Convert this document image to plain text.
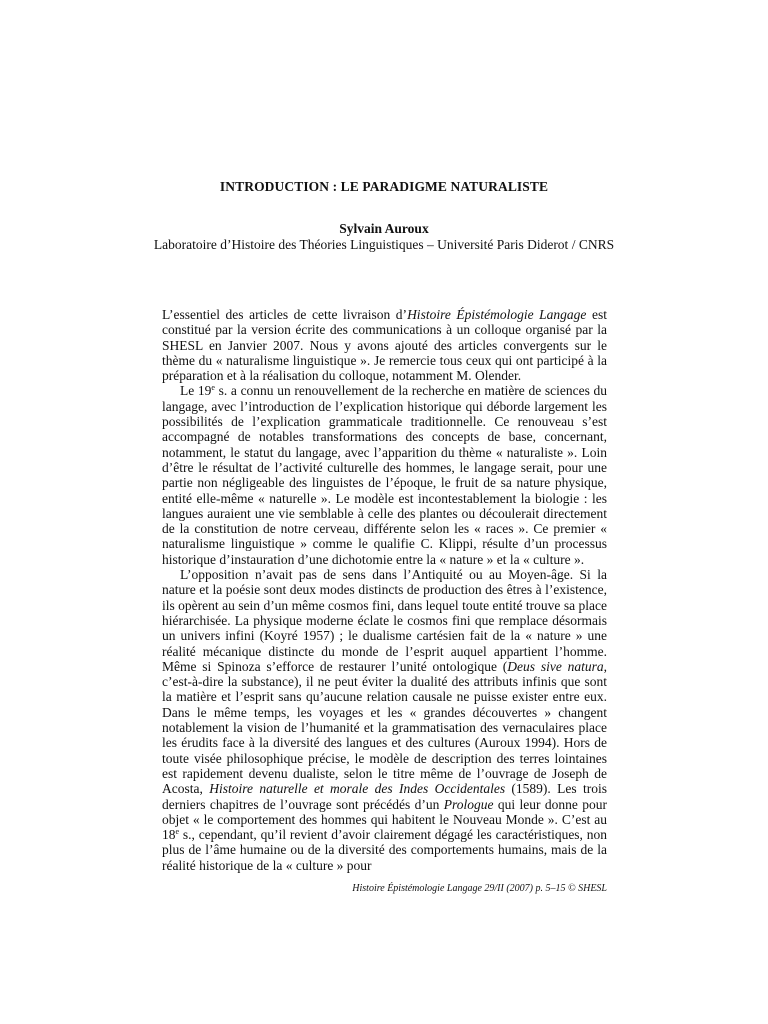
INTRODUCTION : LE PARADIGME NATURALISTE
Sylvain Auroux
Laboratoire d’Histoire des Théories Linguistiques – Université Paris Diderot / CNRS

L’essentiel des articles de cette livraison d’Histoire Épistémologie Langage est constitué par la version écrite des communications à un colloque organisé par la SHESL en Janvier 2007. Nous y avons ajouté des articles convergents sur le thème du « naturalisme linguistique ». Je remercie tous ceux qui ont participé à la préparation et à la réalisation du colloque, notamment M. Olender.

Le 19e s. a connu un renouvellement de la recherche en matière de sciences du langage, avec l’introduction de l’explication historique qui déborde largement les possibilités de l’explication grammaticale traditionnelle. Ce renouveau s’est accompagné de notables transformations des concepts de base, concernant, notamment, le statut du langage, avec l’apparition du thème « naturaliste ». Loin d’être le résultat de l’activité culturelle des hommes, le langage serait, pour une partie non négligeable des linguistes de l’époque, le fruit de sa nature physique, entité elle-même « naturelle ». Le modèle est incontestablement la biologie : les langues auraient une vie semblable à celle des plantes ou découlerait directement de la constitution de notre cerveau, différente selon les « races ». Ce premier « naturalisme linguistique » comme le qualifie C. Klippi, résulte d’un processus historique d’instauration d’une dichotomie entre la « nature » et la « culture ».

L’opposition n’avait pas de sens dans l’Antiquité ou au Moyen-âge. Si la nature et la poésie sont deux modes distincts de production des êtres à l’existence, ils opèrent au sein d’un même cosmos fini, dans lequel toute entité trouve sa place hiérarchisée. La physique moderne éclate le cosmos fini que remplace désormais un univers infini (Koyré 1957) ; le dualisme cartésien fait de la « nature » une réalité mécanique distincte du monde de l’esprit auquel appartient l’homme. Même si Spinoza s’efforce de restaurer l’unité ontologique (Deus sive natura, c’est-à-dire la substance), il ne peut éviter la dualité des attributs infinis que sont la matière et l’esprit sans qu’aucune relation causale ne puisse exister entre eux. Dans le même temps, les voyages et les « grandes découvertes » changent notablement la vision de l’humanité et la grammatisation des vernaculaires place les érudits face à la diversité des langues et des cultures (Auroux 1994). Hors de toute visée philosophique précise, le modèle de description des terres lointaines est rapidement devenu dualiste, selon le titre même de l’ouvrage de Joseph de Acosta, Histoire naturelle et morale des Indes Occidentales (1589). Les trois derniers chapitres de l’ouvrage sont précédés d’un Prologue qui leur donne pour objet « le comportement des hommes qui habitent le Nouveau Monde ». C’est au 18e s., cependant, qu’il revient d’avoir clairement dégagé les caractéristiques, non plus de l’âme humaine ou de la diversité des comportements humains, mais de la réalité historique de la « culture » pour

Histoire Épistémologie Langage 29/II (2007) p. 5–15 © SHESL
